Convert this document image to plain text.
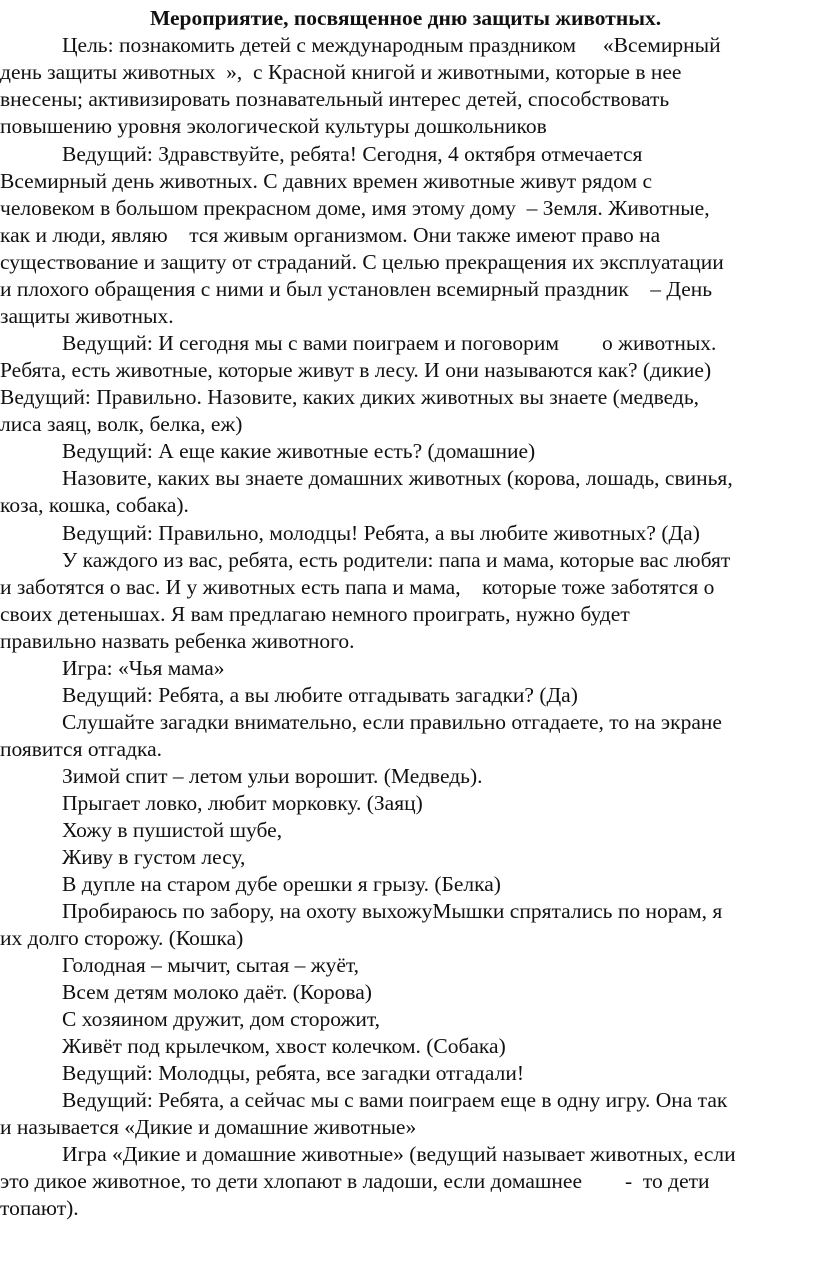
Мероприятие, посвященное дню защиты животных.
Цель: познакомить детей с международным праздником     «Всемирный
день защиты животных  »,  с Красной книгой и животными, которые в нее
внесены; активизировать познавательный интерес детей, способствовать
повышению уровня экологической культуры дошкольников
Ведущий: Здравствуйте, ребята! Сегодня, 4 октября отмечается
Всемирный день животных. С давних времен животные живут рядом с
человеком в большом прекрасном доме, имя этому дому  – Земля. Животные,
как и люди, являю    тся живым организмом. Они также имеют право на
существование и защиту от страданий. С целью прекращения их эксплуатации
и плохого обращения с ними и был установлен всемирный праздник    – День
защиты животных.
Ведущий: И сегодня мы с вами поиграем и поговорим        о животных.
Ребята, есть животные, которые живут в лесу. И они называются как? (дикие)
Ведущий: Правильно. Назовите, каких диких животных вы знаете (медведь,
лиса заяц, волк, белка, еж)
Ведущий: А еще какие животные есть? (домашние)
Назовите, каких вы знаете домашних животных (корова, лошадь, свинья,
коза, кошка, собака).
Ведущий: Правильно, молодцы! Ребята, а вы любите животных? (Да)
У каждого из вас, ребята, есть родители: папа и мама, которые вас любят
и заботятся о вас. И у животных есть папа и мама,    которые тоже заботятся о
своих детенышах. Я вам предлагаю немного проиграть, нужно будет
правильно назвать ребенка животного.
Игра: «Чья мама»
Ведущий: Ребята, а вы любите отгадывать загадки? (Да)
Слушайте загадки внимательно, если правильно отгадаете, то на экране
появится отгадка.
Зимой спит – летом ульи ворошит. (Медведь).
Прыгает ловко, любит морковку. (Заяц)
Хожу в пушистой шубе,
Живу в густом лесу,
В дупле на старом дубе орешки я грызу. (Белка)
Пробираюсь по забору, на охоту выхожуМышки спрятались по норам, я
их долго сторожу. (Кошка)
Голодная – мычит, сытая – жуёт,
Всем детям молоко даёт. (Корова)
С хозяином дружит, дом сторожит,
Живёт под крылечком, хвост колечком. (Собака)
Ведущий: Молодцы, ребята, все загадки отгадали!
Ведущий: Ребята, а сейчас мы с вами поиграем еще в одну игру. Она так
и называется «Дикие и домашние животные»
Игра «Дикие и домашние животные» (ведущий называет животных, если
это дикое животное, то дети хлопают в ладоши, если домашнее        -  то дети
топают).
